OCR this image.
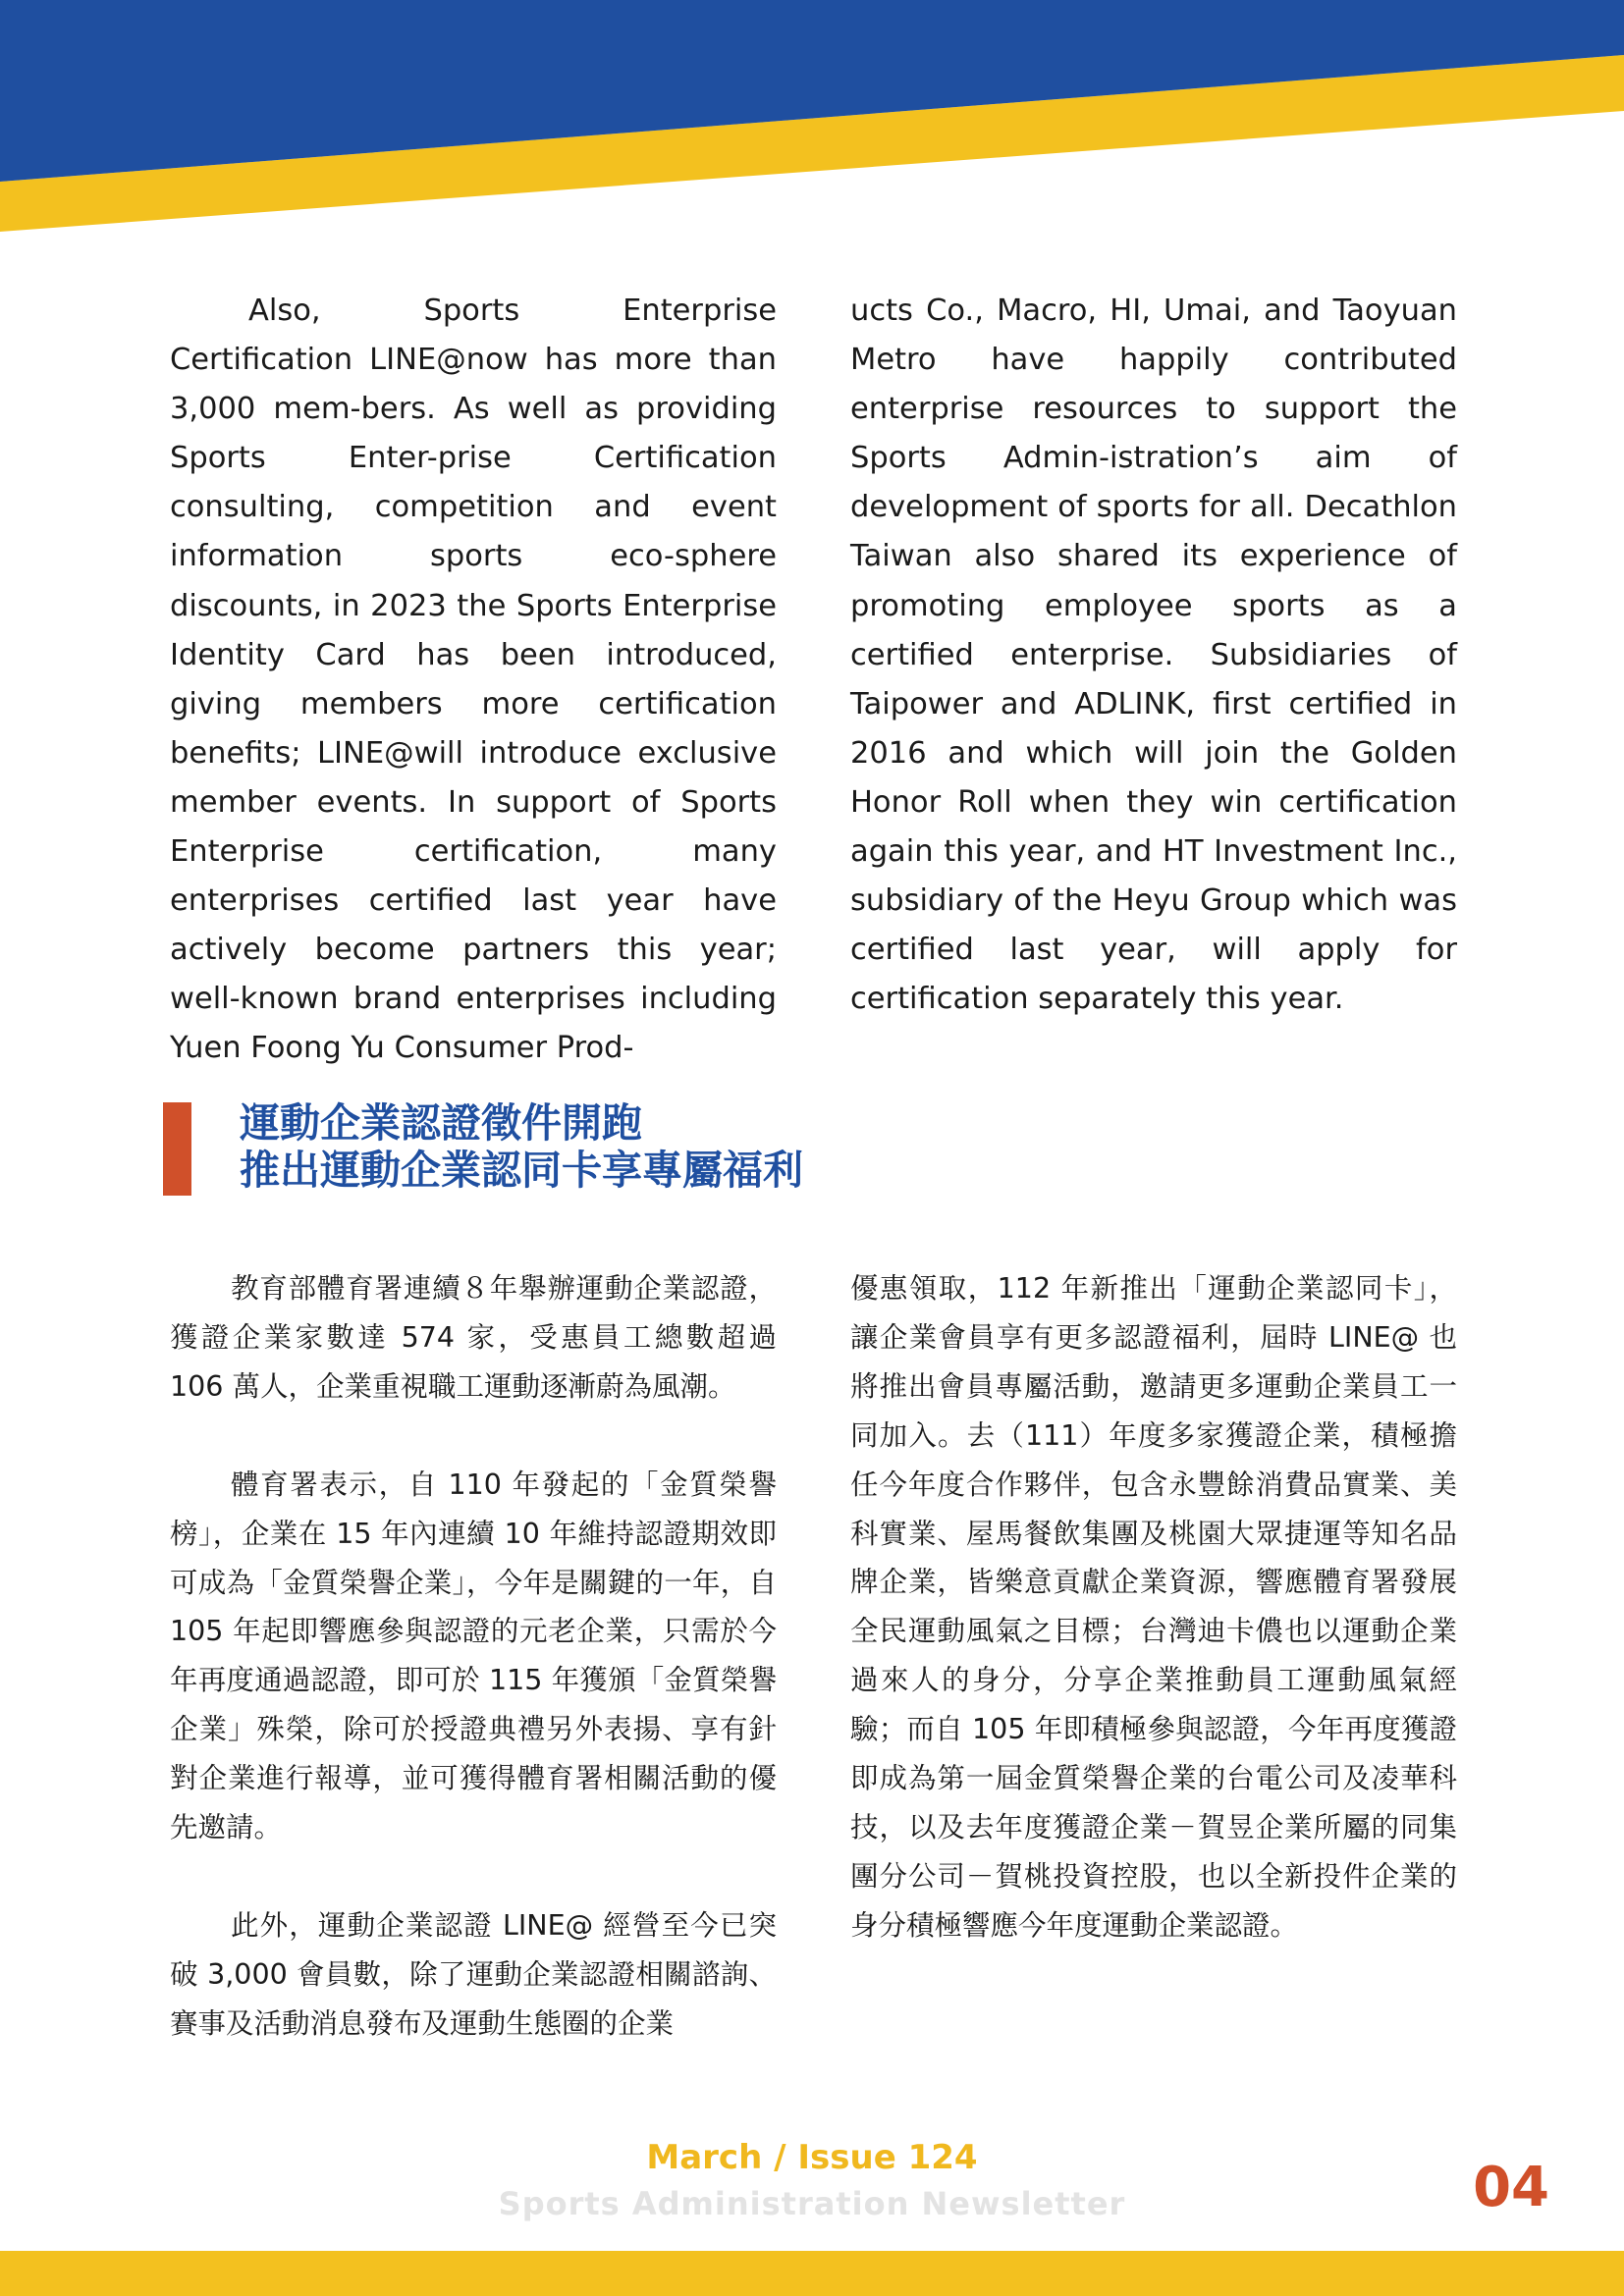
Also, Sports Enterprise Certification LINE@now has more than 3,000 mem-bers. As well as providing Sports Enter-prise Certification consulting, competition and event information sports eco-sphere discounts, in 2023 the Sports Enterprise Identity Card has been introduced, giving members more certification benefits; LINE@will introduce exclusive member events. In support of Sports Enterprise certification, many enterprises certified last year have actively become partners this year; well-known brand enterprises including Yuen Foong Yu Consumer Prod-

ucts Co., Macro, HI, Umai, and Taoyuan Metro have happily contributed enterprise resources to support the Sports Admin-istration’s aim of development of sports for all. Decathlon Taiwan also shared its experience of promoting employee sports as a certified enterprise. Subsidiaries of Taipower and ADLINK, first certified in 2016 and which will join the Golden Honor Roll when they win certification again this year, and HT Investment Inc., subsidiary of the Heyu Group which was certified last year, will apply for certification separately this year.

運動企業認證徵件開跑
推出運動企業認同卡享專屬福利

教育部體育署連續８年舉辦運動企業認證，獲證企業家數達 574 家，受惠員工總數超過 106 萬人，企業重視職工運動逐漸蔚為風潮。

體育署表示，自 110 年發起的「金質榮譽榜」，企業在 15 年內連續 10 年維持認證期效即可成為「金質榮譽企業」，今年是關鍵的一年，自 105 年起即響應參與認證的元老企業，只需於今年再度通過認證，即可於 115 年獲頒「金質榮譽企業」殊榮，除可於授證典禮另外表揚、享有針對企業進行報導，並可獲得體育署相關活動的優先邀請。

此外，運動企業認證 LINE@ 經營至今已突破 3,000 會員數，除了運動企業認證相關諮詢、賽事及活動消息發布及運動生態圈的企業

優惠領取，112 年新推出「運動企業認同卡」，讓企業會員享有更多認證福利，屆時 LINE@ 也將推出會員專屬活動，邀請更多運動企業員工一同加入。去（111）年度多家獲證企業，積極擔任今年度合作夥伴，包含永豐餘消費品實業、美科實業、屋馬餐飲集團及桃園大眾捷運等知名品牌企業，皆樂意貢獻企業資源，響應體育署發展全民運動風氣之目標；台灣迪卡儂也以運動企業過來人的身分，分享企業推動員工運動風氣經驗；而自 105 年即積極參與認證，今年再度獲證即成為第一屆金質榮譽企業的台電公司及凌華科技，以及去年度獲證企業－賀昱企業所屬的同集團分公司－賀桃投資控股，也以全新投件企業的身分積極響應今年度運動企業認證。

March / Issue 124
Sports Administration Newsletter	04
